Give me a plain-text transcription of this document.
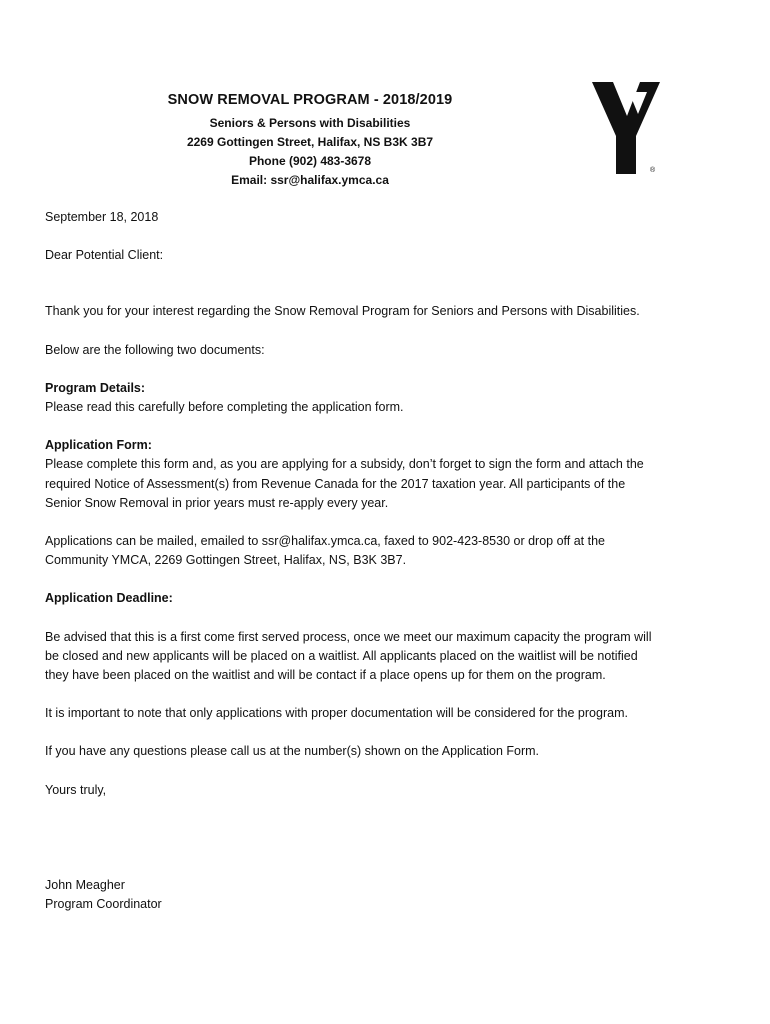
SNOW REMOVAL PROGRAM - 2018/2019
Seniors & Persons with Disabilities
2269 Gottingen Street, Halifax, NS B3K 3B7
Phone (902) 483-3678
Email: ssr@halifax.ymca.ca
®

September 18, 2018

Dear Potential Client:

Thank you for your interest regarding the Snow Removal Program for Seniors and Persons with Disabilities.

Below are the following two documents:

Program Details:

Please read this carefully before completing the application form.

Application Form:

Please complete this form and, as you are applying for a subsidy, don’t forget to sign the form and attach the

required Notice of Assessment(s) from Revenue Canada for the 2017 taxation year. All participants of the

Senior Snow Removal in prior years must re-apply every year.

Applications can be mailed, emailed to ssr@halifax.ymca.ca, faxed to 902-423-8530 or drop off at the

Community YMCA, 2269 Gottingen Street, Halifax, NS, B3K 3B7.

Application Deadline:

Be advised that this is a first come first served process, once we meet our maximum capacity the program will

be closed and new applicants will be placed on a waitlist. All applicants placed on the waitlist will be notified

they have been placed on the waitlist and will be contact if a place opens up for them on the program.

It is important to note that only applications with proper documentation will be considered for the program.

If you have any questions please call us at the number(s) shown on the Application Form.

Yours truly,

John Meagher

Program Coordinator
